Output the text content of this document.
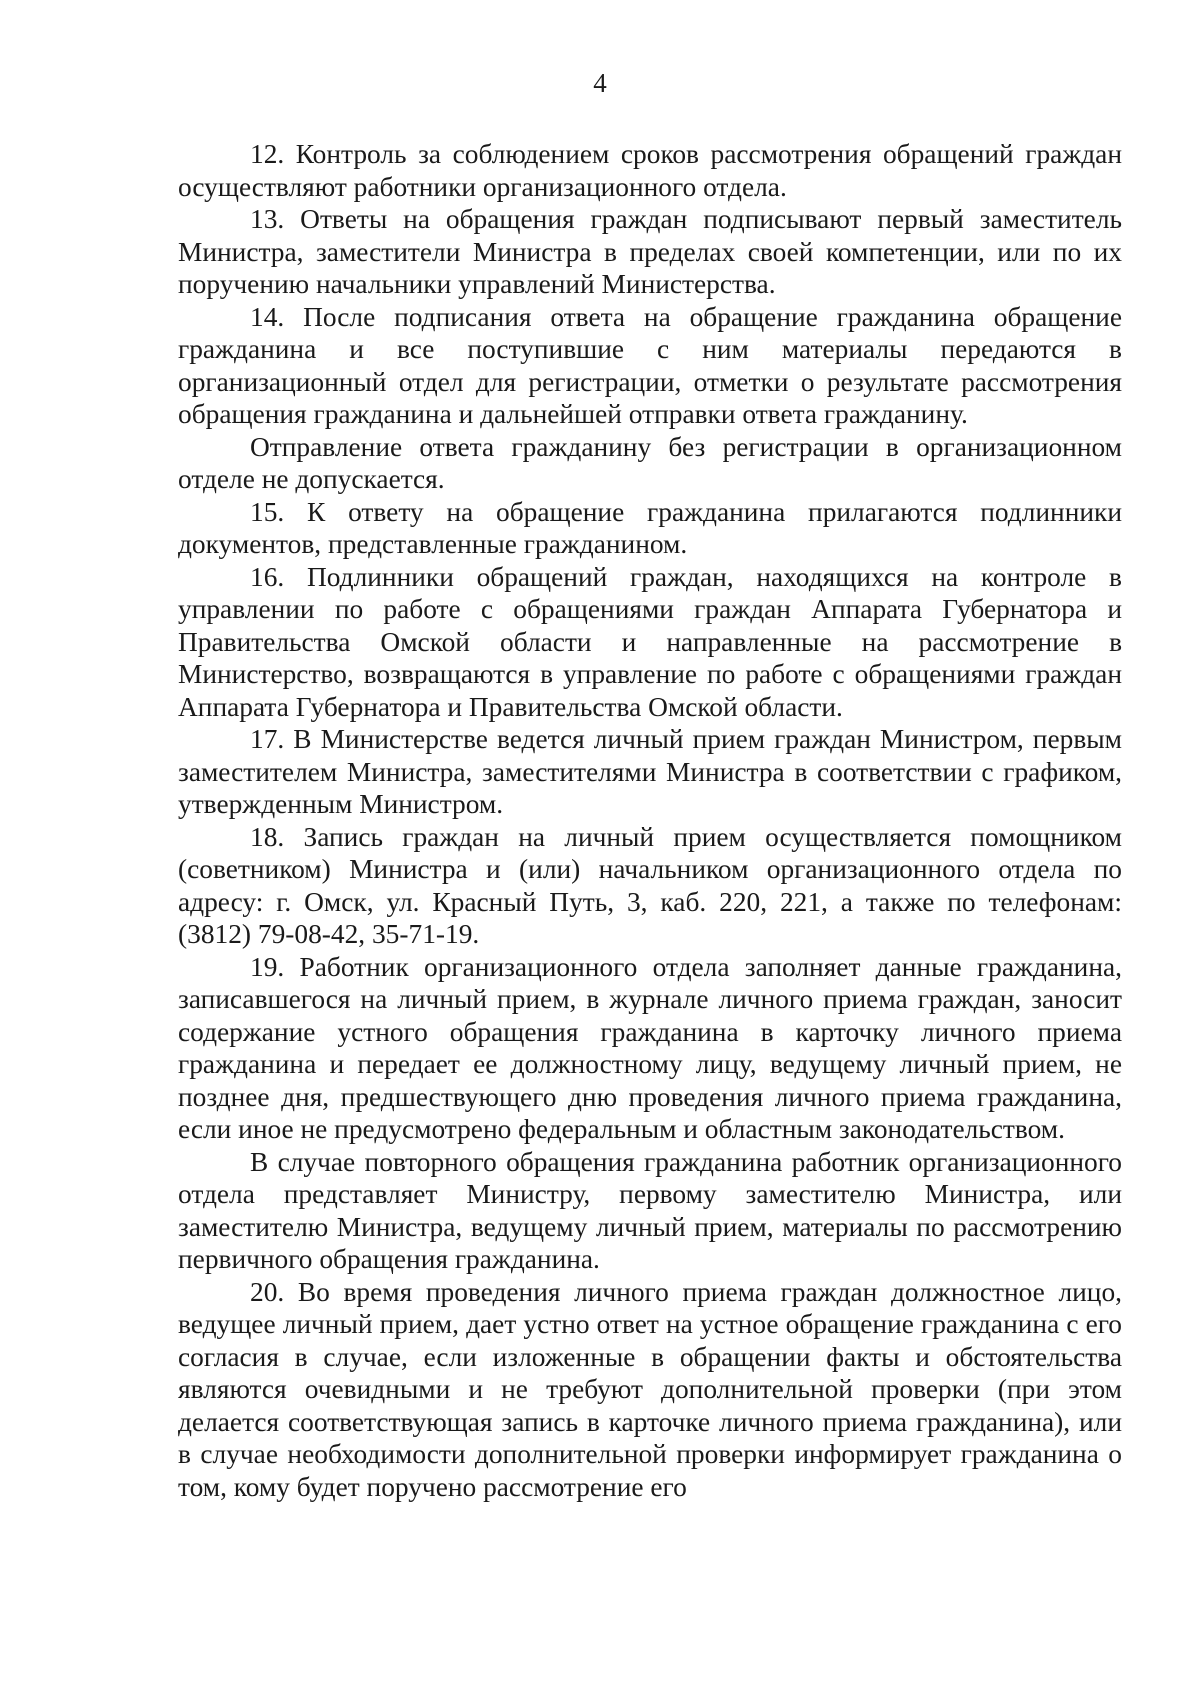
4

12. Контроль за соблюдением сроков рассмотрения обращений граждан осуществляют работники организационного отдела.

13. Ответы на обращения граждан подписывают первый заместитель Министра, заместители Министра в пределах своей компетенции, или по их поручению начальники управлений Министерства.

14. После подписания ответа на обращение гражданина обращение гражданина и все поступившие с ним материалы передаются в организационный отдел для регистрации, отметки о результате рассмотрения обращения гражданина и дальнейшей отправки ответа гражданину.

Отправление ответа гражданину без регистрации в организационном отделе не допускается.

15. К ответу на обращение гражданина прилагаются подлинники документов, представленные гражданином.

16. Подлинники обращений граждан, находящихся на контроле в управлении по работе с обращениями граждан Аппарата Губернатора и Правительства Омской области и направленные на рассмотрение в Министерство, возвращаются в управление по работе с обращениями граждан Аппарата Губернатора и Правительства Омской области.

17. В Министерстве ведется личный прием граждан Министром, первым заместителем Министра, заместителями Министра в соответствии с графиком, утвержденным Министром.

18. Запись граждан на личный прием осуществляется помощником (советником) Министра и (или) начальником организационного отдела по адресу: г. Омск, ул. Красный Путь, 3, каб. 220, 221, а также по телефонам: (3812) 79-08-42, 35-71-19.

19. Работник организационного отдела заполняет данные гражданина, записавшегося на личный прием, в журнале личного приема граждан, заносит содержание устного обращения гражданина в карточку личного приема гражданина и передает ее должностному лицу, ведущему личный прием, не позднее дня, предшествующего дню проведения личного приема гражданина, если иное не предусмотрено федеральным и областным законодательством.

В случае повторного обращения гражданина работник организационного отдела представляет Министру, первому заместителю Министра, или заместителю Министра, ведущему личный прием, материалы по рассмотрению первичного обращения гражданина.

20. Во время проведения личного приема граждан должностное лицо, ведущее личный прием, дает устно ответ на устное обращение гражданина с его согласия в случае, если изложенные в обращении факты и обстоятельства являются очевидными и не требуют дополнительной проверки (при этом делается соответствующая запись в карточке личного приема гражданина), или в случае необходимости дополнительной проверки информирует гражданина о том, кому будет поручено рассмотрение его
